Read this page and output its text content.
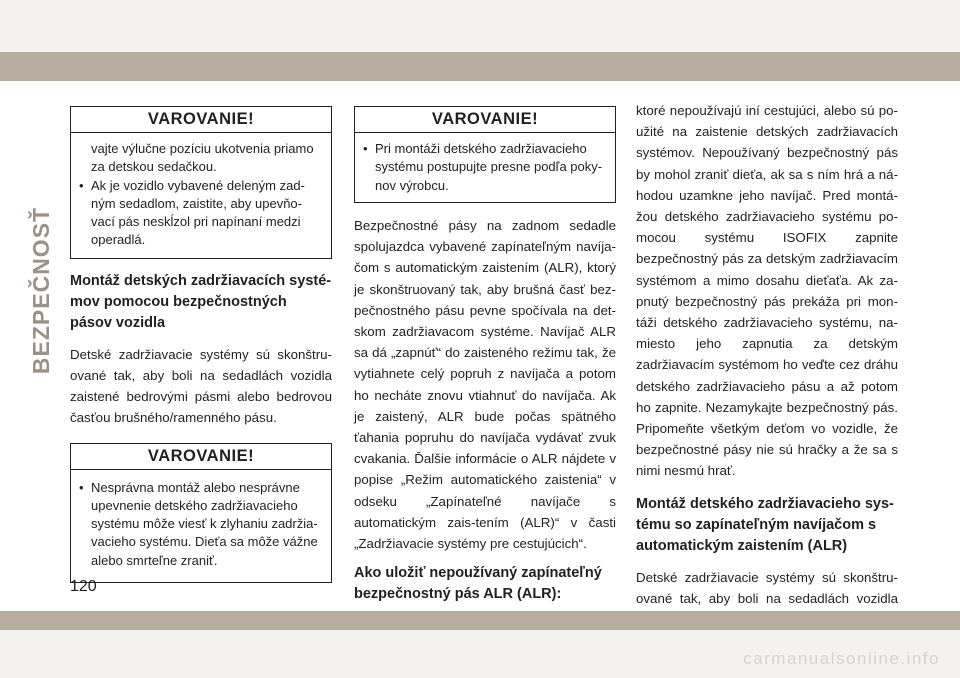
BEZPEČNOSŤ
VAROVANIE!

vajte výlučne pozíciu ukotvenia priamo za detskou sedačkou.

• Ak je vozidlo vybavené deleným zad-ným sedadlom, zaistite, aby upevňo-vací pás neskĺzol pri napínaní medzi operadlá.

Montáž detských zadržiavacích systé-mov pomocou bezpečnostných pásov vozidla

Detské zadržiavacie systémy sú skonštru-ované tak, aby boli na sedadlách vozidla zaistené bedrovými pásmi alebo bedrovou časťou brušného/ramenného pásu.

VAROVANIE!

• Nesprávna montáž alebo nesprávne upevnenie detského zadržiavacieho systému môže viesť k zlyhaniu zadržia-vacieho systému. Dieťa sa môže vážne alebo smrteľne zraniť.

VAROVANIE!

• Pri montáži detského zadržiavacieho systému postupujte presne podľa poky-nov výrobcu.

Bezpečnostné pásy na zadnom sedadle spolujazdca vybavené zapínateľným navíja-čom s automatickým zaistením (ALR), ktorý je skonštruovaný tak, aby brušná časť bez-pečnostného pásu pevne spočívala na det-skom zadržiavacom systéme. Navíjač ALR sa dá „zapnúť“ do zaisteného režimu tak, že vytiahnete celý popruh z navíjača a potom ho necháte znovu vtiahnuť do navíjača. Ak je zaistený, ALR bude počas spätného ťahania popruhu do navíjača vydávať zvuk cvakania. Ďalšie informácie o ALR nájdete v popise „Režim automatického zaistenia“ v odseku „Zapínateľné navíjače s automatickým zais-tením (ALR)“ v časti „Zadržiavacie systémy pre cestujúcich“.

Ako uložiť nepoužívaný zapínateľný bezpečnostný pás ALR (ALR):

ktoré nepoužívajú iní cestujúci, alebo sú po-užité na zaistenie detských zadržiavacích systémov. Nepoužívaný bezpečnostný pás by mohol zraniť dieťa, ak sa s ním hrá a ná-hodou uzamkne jeho navíjač. Pred montá-žou detského zadržiavacieho systému po-mocou systému ISOFIX zapnite bezpečnostný pás za detským zadržiavacím systémom a mimo dosahu dieťaťa. Ak za-pnutý bezpečnostný pás prekáža pri mon-táži detského zadržiavacieho systému, na-miesto jeho zapnutia za detským zadržiavacím systémom ho veďte cez dráhu detského zadržiavacieho pásu a až potom ho zapnite. Nezamykajte bezpečnostný pás. Pripomeňte všetkým deťom vo vozidle, že bezpečnostné pásy nie sú hračky a že sa s nimi nesmú hrať.

Montáž detského zadržiavacieho sys-tému so zapínateľným navíjačom s automatickým zaistením (ALR)

Detské zadržiavacie systémy sú skonštru-ované tak, aby boli na sedadlách vozidla

120
carmanualsonline.info
